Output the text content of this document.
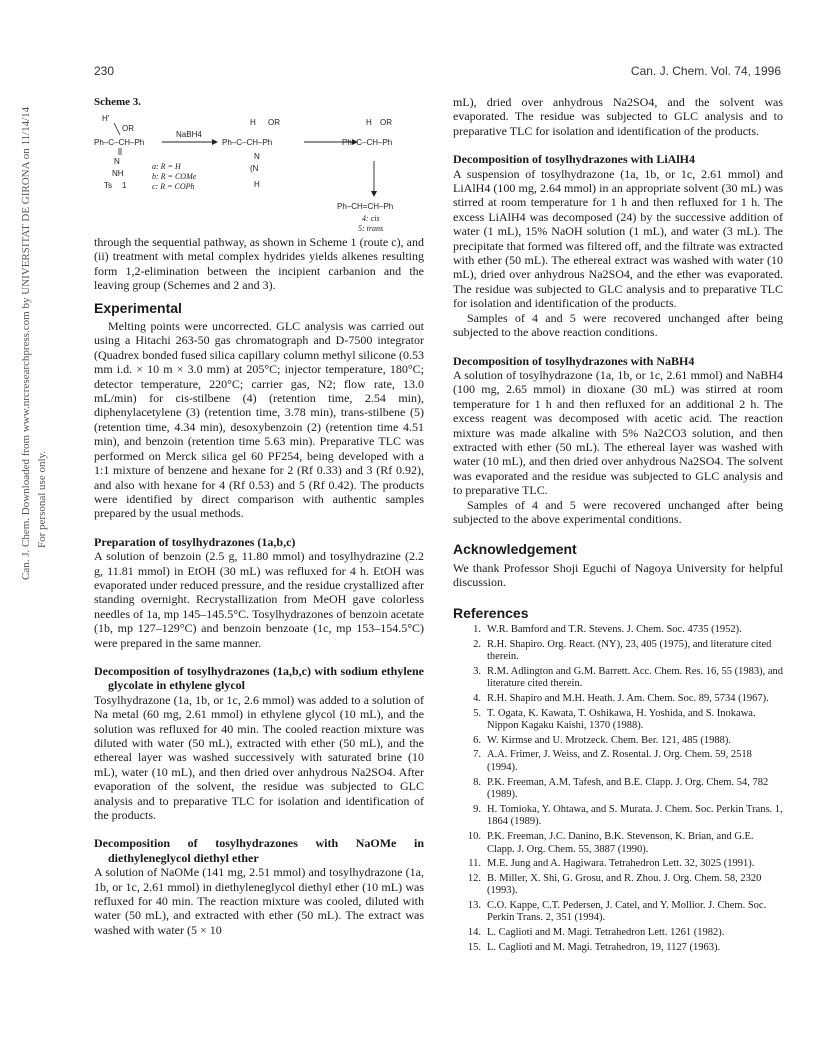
230	Can. J. Chem. Vol. 74, 1996
Can. J. Chem. Downloaded from www.nrcresearchpress.com by UNIVERSITAT DE GIRONA on 11/14/14 For personal use only.
Scheme 3.
H'
OR
Ph–C–CH–Ph
N
NH
Ts 1
a: R = H
b: R = COMe
c: R = COPh
NaBH4
H OR
Ph–C–CH–Ph
N
(N
H
H OR
Ph–C–CH–Ph
Ph–CH=CH–Ph
4: cis
5: trans

through the sequential pathway, as shown in Scheme 1 (route c), and (ii) treatment with metal complex hydrides yields alkenes resulting form 1,2-elimination between the incipient carbanion and the leaving group (Schemes and 2 and 3).

Experimental

Melting points were uncorrected. GLC analysis was carried out using a Hitachi 263-50 gas chromatograph and D-7500 integrator (Quadrex bonded fused silica capillary column methyl silicone (0.53 mm i.d. × 10 m × 3.0 mm) at 205°C; injector temperature, 180°C; detector temperature, 220°C; carrier gas, N2; flow rate, 13.0 mL/min) for cis-stilbene (4) (retention time, 2.54 min), diphenylacetylene (3) (retention time, 3.78 min), trans-stilbene (5) (retention time, 4.34 min), desoxybenzoin (2) (retention time 4.51 min), and benzoin (retention time 5.63 min). Preparative TLC was performed on Merck silica gel 60 PF254, being developed with a 1:1 mixture of benzene and hexane for 2 (Rf 0.33) and 3 (Rf 0.92), and also with hexane for 4 (Rf 0.53) and 5 (Rf 0.42). The products were identified by direct comparison with authentic samples prepared by the usual methods.

Preparation of tosylhydrazones (1a,b,c)

A solution of benzoin (2.5 g, 11.80 mmol) and tosylhydrazine (2.2 g, 11.81 mmol) in EtOH (30 mL) was refluxed for 4 h. EtOH was evaporated under reduced pressure, and the residue crystallized after standing overnight. Recrystallization from MeOH gave colorless needles of 1a, mp 145–145.5°C. Tosylhydrazones of benzoin acetate (1b, mp 127–129°C) and benzoin benzoate (1c, mp 153–154.5°C) were prepared in the same manner.

Decomposition of tosylhydrazones (1a,b,c) with sodium ethylene glycolate in ethylene glycol

Tosylhydrazone (1a, 1b, or 1c, 2.6 mmol) was added to a solution of Na metal (60 mg, 2.61 mmol) in ethylene glycol (10 mL), and the solution was refluxed for 40 min. The cooled reaction mixture was diluted with water (50 mL), extracted with ether (50 mL), and the ethereal layer was washed successively with saturated brine (10 mL), water (10 mL), and then dried over anhydrous Na2SO4. After evaporation of the solvent, the residue was subjected to GLC analysis and to preparative TLC for isolation and identification of the products.

Decomposition of tosylhydrazones with NaOMe in diethyleneglycol diethyl ether

A solution of NaOMe (141 mg, 2.51 mmol) and tosylhydrazone (1a, 1b, or 1c, 2.61 mmol) in diethyleneglycol diethyl ether (10 mL) was refluxed for 40 min. The reaction mixture was cooled, diluted with water (50 mL), and extracted with ether (50 mL). The extract was washed with water (5 × 10

mL), dried over anhydrous Na2SO4, and the solvent was evaporated. The residue was subjected to GLC analysis and to preparative TLC for isolation and identification of the products.

Decomposition of tosylhydrazones with LiAlH4

A suspension of tosylhydrazone (1a, 1b, or 1c, 2.61 mmol) and LiAlH4 (100 mg, 2.64 mmol) in an appropriate solvent (30 mL) was stirred at room temperature for 1 h and then refluxed for 1 h. The excess LiAlH4 was decomposed (24) by the successive addition of water (1 mL), 15% NaOH solution (1 mL), and water (3 mL). The precipitate that formed was filtered off, and the filtrate was extracted with ether (50 mL). The ethereal extract was washed with water (10 mL), dried over anhydrous Na2SO4, and the ether was evaporated. The residue was subjected to GLC analysis and to preparative TLC for isolation and identification of the products.

Samples of 4 and 5 were recovered unchanged after being subjected to the above reaction conditions.

Decomposition of tosylhydrazones with NaBH4

A solution of tosylhydrazone (1a, 1b, or 1c, 2.61 mmol) and NaBH4 (100 mg, 2.65 mmol) in dioxane (30 mL) was stirred at room temperature for 1 h and then refluxed for an additional 2 h. The excess reagent was decomposed with acetic acid. The reaction mixture was made alkaline with 5% Na2CO3 solution, and then extracted with ether (50 mL). The ethereal layer was washed with water (10 mL), and then dried over anhydrous Na2SO4. The solvent was evaporated and the residue was subjected to GLC analysis and to preparative TLC.

Samples of 4 and 5 were recovered unchanged after being subjected to the above experimental conditions.

Acknowledgement

We thank Professor Shoji Eguchi of Nagoya University for helpful discussion.

References
1. W.R. Bamford and T.R. Stevens. J. Chem. Soc. 4735 (1952).
2. R.H. Shapiro. Org. React. (NY), 23, 405 (1975), and literature cited therein.
3. R.M. Adlington and G.M. Barrett. Acc. Chem. Res. 16, 55 (1983), and literature cited therein.
4. R.H. Shapiro and M.H. Heath. J. Am. Chem. Soc. 89, 5734 (1967).
5. T. Ogata, K. Kawata, T. Oshikawa, H. Yoshida, and S. Inokawa. Nippon Kagaku Kaishi, 1370 (1988).
6. W. Kirmse and U. Mrotzeck. Chem. Ber. 121, 485 (1988).
7. A.A. Frimer, J. Weiss, and Z. Rosental. J. Org. Chem. 59, 2518 (1994).
8. P.K. Freeman, A.M. Tafesh, and B.E. Clapp. J. Org. Chem. 54, 782 (1989).
9. H. Tomioka, Y. Ohtawa, and S. Murata. J. Chem. Soc. Perkin Trans. 1, 1864 (1989).
10. P.K. Freeman, J.C. Danino, B.K. Stevenson, K. Brian, and G.E. Clapp. J. Org. Chem. 55, 3887 (1990).
11. M.E. Jung and A. Hagiwara. Tetrahedron Lett. 32, 3025 (1991).
12. B. Miller, X. Shi, G. Grosu, and R. Zhou. J. Org. Chem. 58, 2320 (1993).
13. C.O. Kappe, C.T. Pedersen, J. Catel, and Y. Mollior. J. Chem. Soc. Perkin Trans. 2, 351 (1994).
14. L. Caglioti and M. Magi. Tetrahedron Lett. 1261 (1982).
15. L. Caglioti and M. Magi. Tetrahedron, 19, 1127 (1963).
